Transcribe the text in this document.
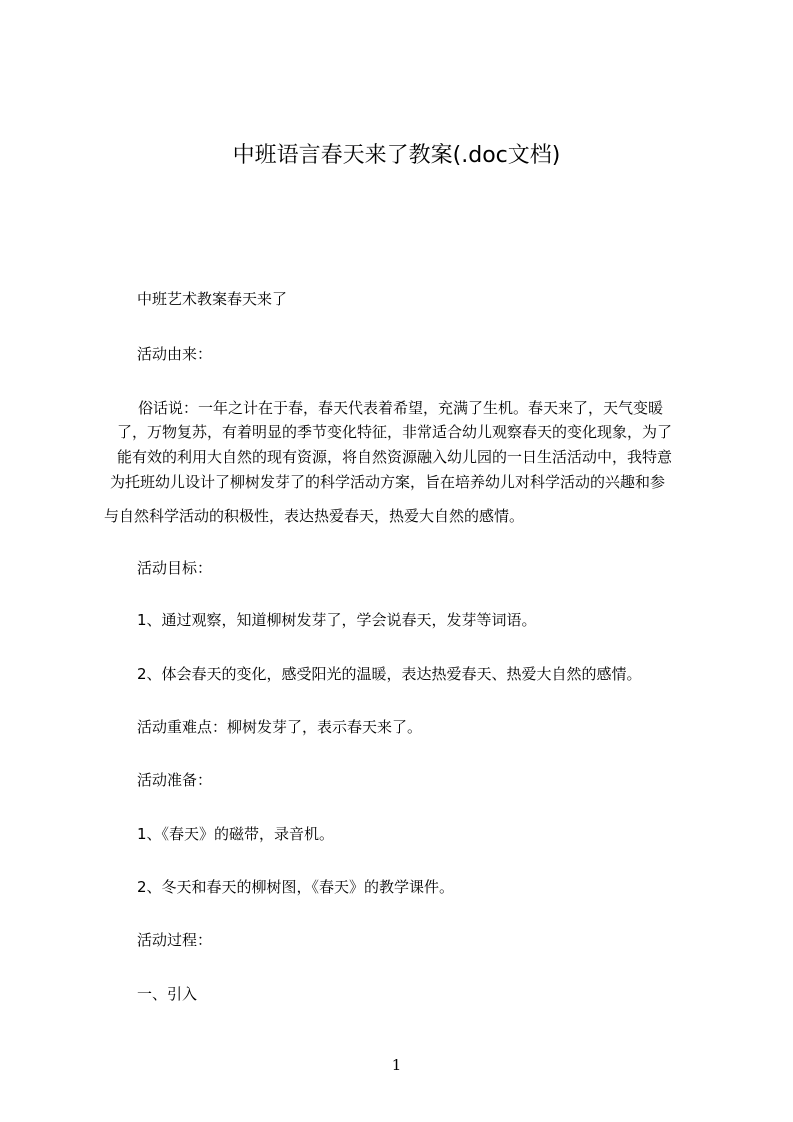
中班语言春天来了教案(.doc文档)
中班艺术教案春天来了
活动由来：
俗话说：一年之计在于春，春天代表着希望，充满了生机。春天来了，天气变暖
了，万物复苏，有着明显的季节变化特征，非常适合幼儿观察春天的变化现象，为了
能有效的利用大自然的现有资源，将自然资源融入幼儿园的一日生活活动中，我特意
为托班幼儿设计了柳树发芽了的科学活动方案，旨在培养幼儿对科学活动的兴趣和参
与自然科学活动的积极性，表达热爱春天，热爱大自然的感情。
活动目标：
1、通过观察，知道柳树发芽了，学会说春天，发芽等词语。
2、体会春天的变化，感受阳光的温暖，表达热爱春天、热爱大自然的感情。
活动重难点：柳树发芽了，表示春天来了。
活动准备：
1、《春天》的磁带，录音机。
2、冬天和春天的柳树图，《春天》的教学课件。
活动过程：
一、引入
1
